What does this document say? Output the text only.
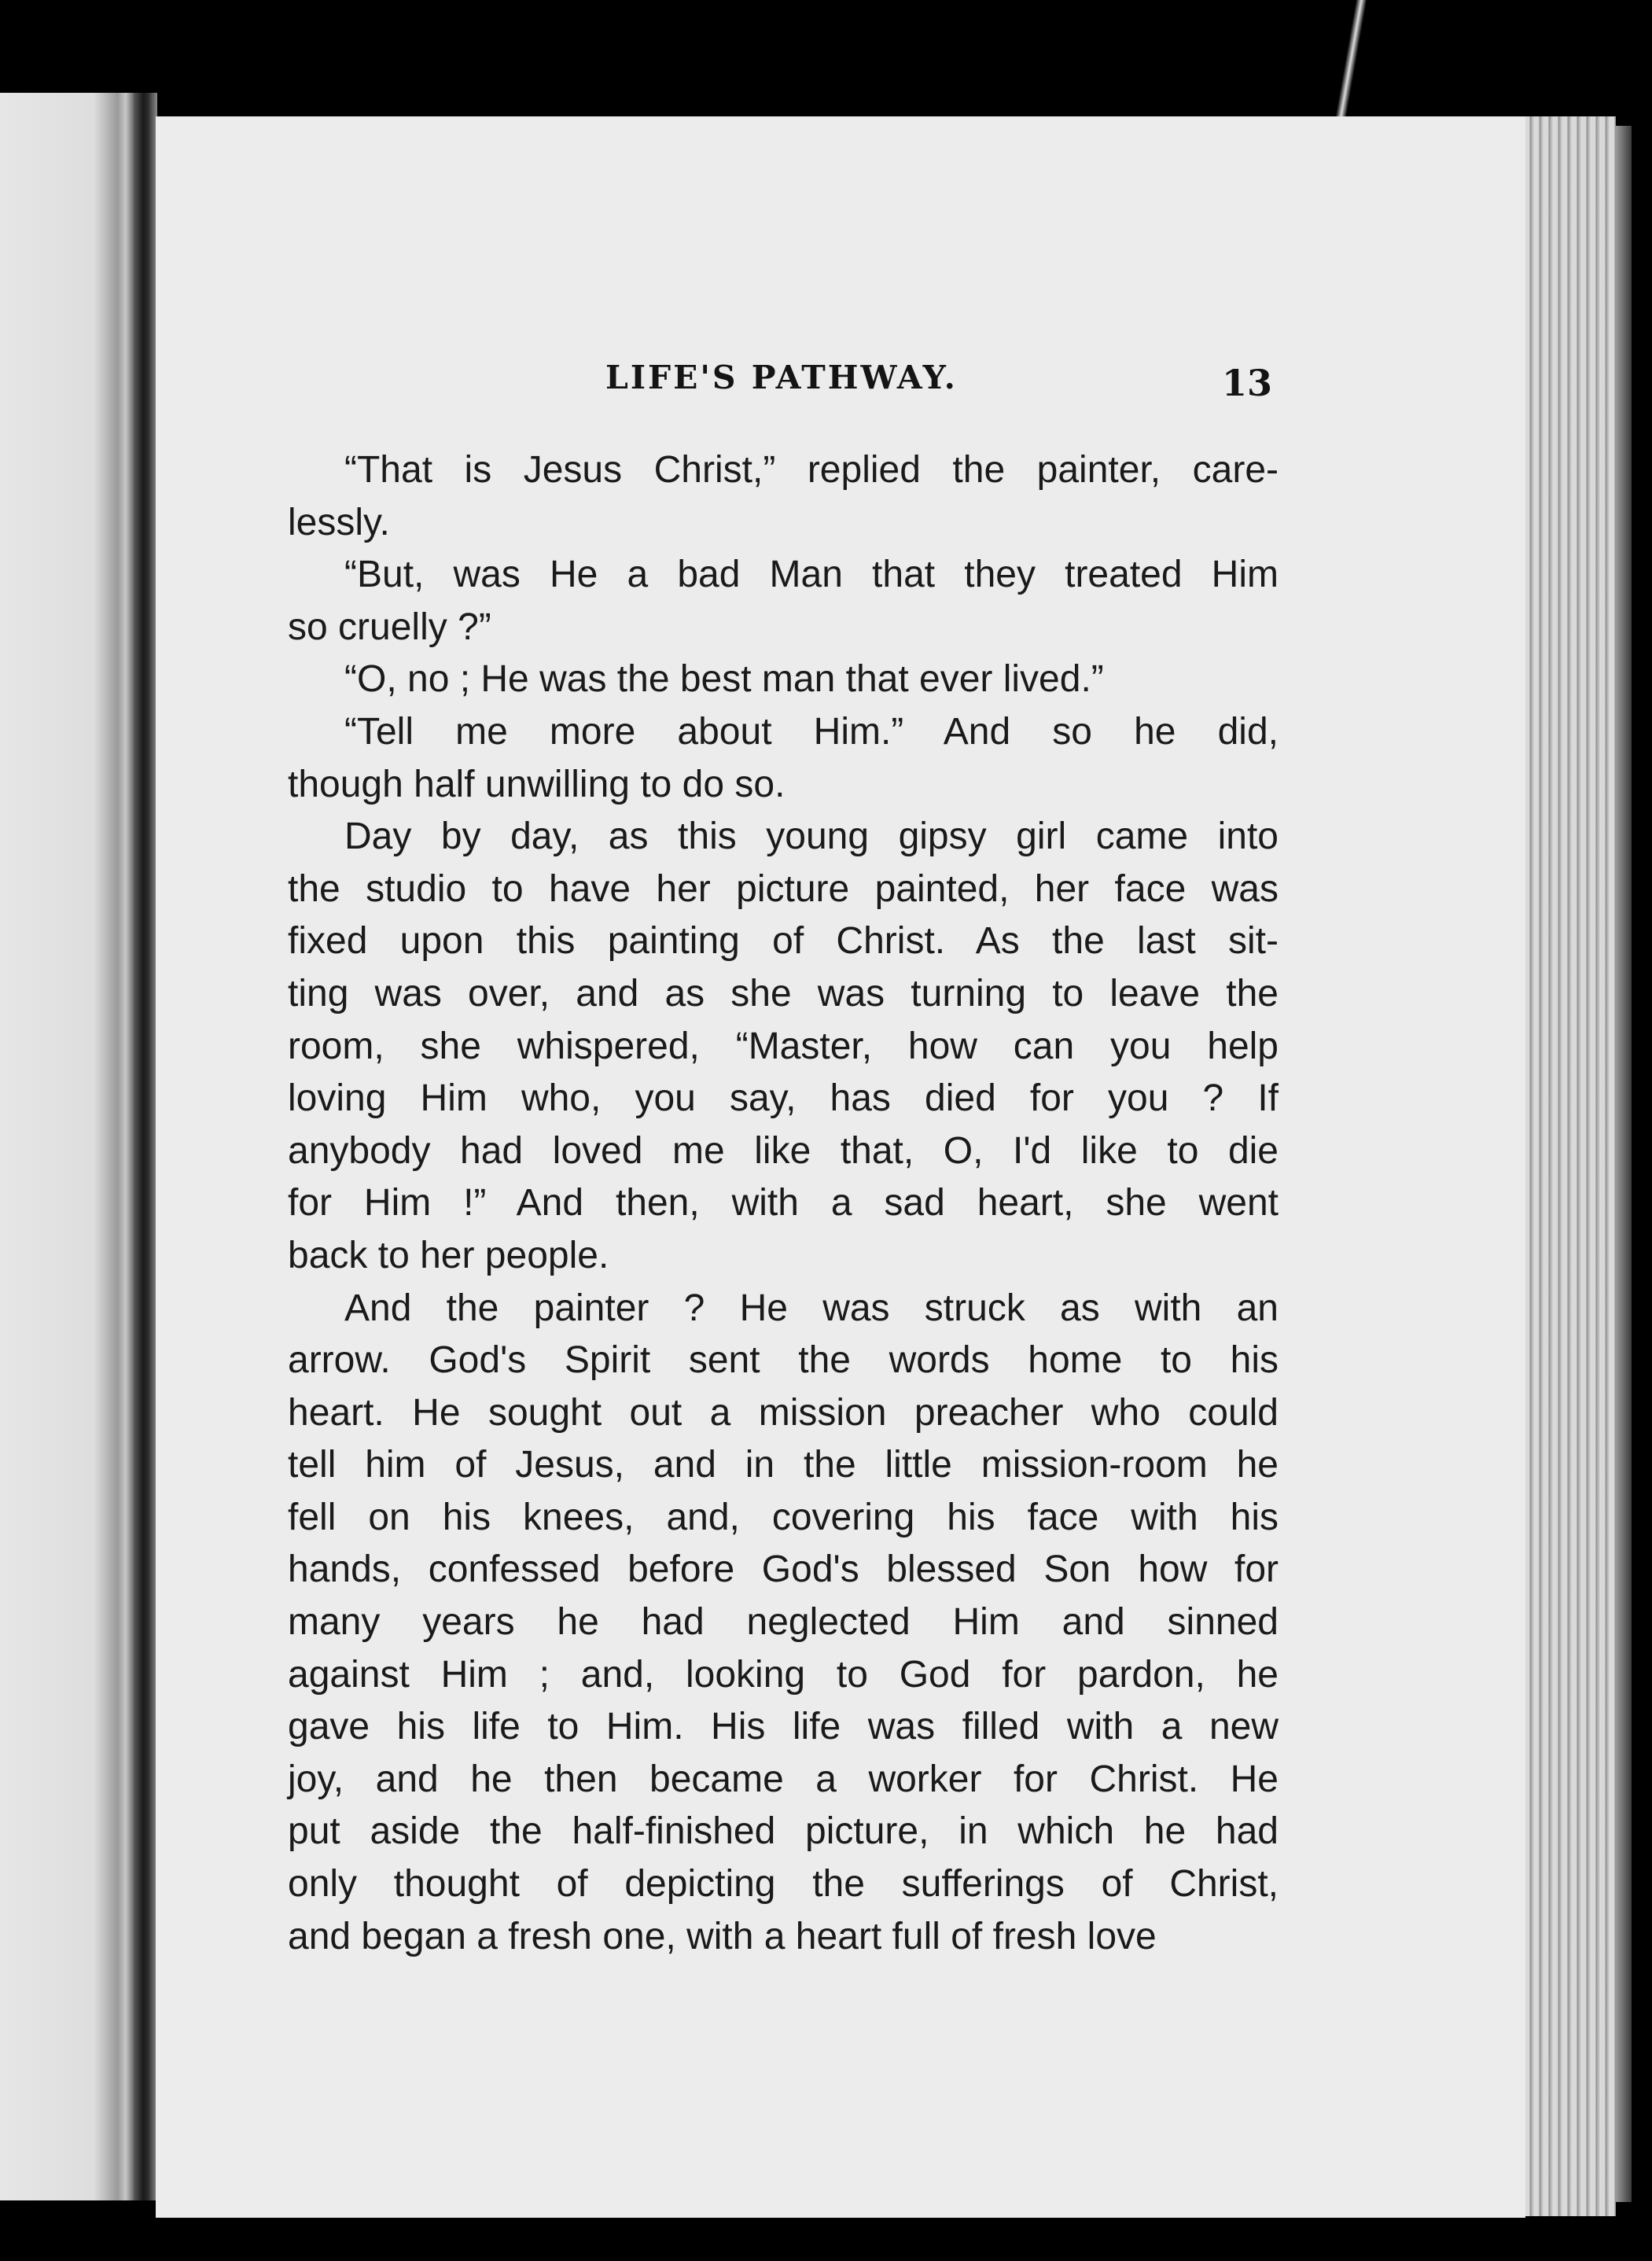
LIFE'S PATHWAY.	13
“That is Jesus Christ,” replied the painter, care-
lessly.
“But, was He a bad Man that they treated Him
so cruelly ?”
“O, no ; He was the best man that ever lived.”
“Tell me more about Him.” And so he did,
though half unwilling to do so.
Day by day, as this young gipsy girl came into
the studio to have her picture painted, her face was
fixed upon this painting of Christ. As the last sit-
ting was over, and as she was turning to leave the
room, she whispered, “Master, how can you help
loving Him who, you say, has died for you ? If
anybody had loved me like that, O, I'd like to die
for Him !” And then, with a sad heart, she went
back to her people.
And the painter ? He was struck as with an
arrow. God's Spirit sent the words home to his
heart. He sought out a mission preacher who could
tell him of Jesus, and in the little mission-room he
fell on his knees, and, covering his face with his
hands, confessed before God's blessed Son how for
many years he had neglected Him and sinned
against Him ; and, looking to God for pardon, he
gave his life to Him. His life was filled with a new
joy, and he then became a worker for Christ. He
put aside the half-finished picture, in which he had
only thought of depicting the sufferings of Christ,
and began a fresh one, with a heart full of fresh love
